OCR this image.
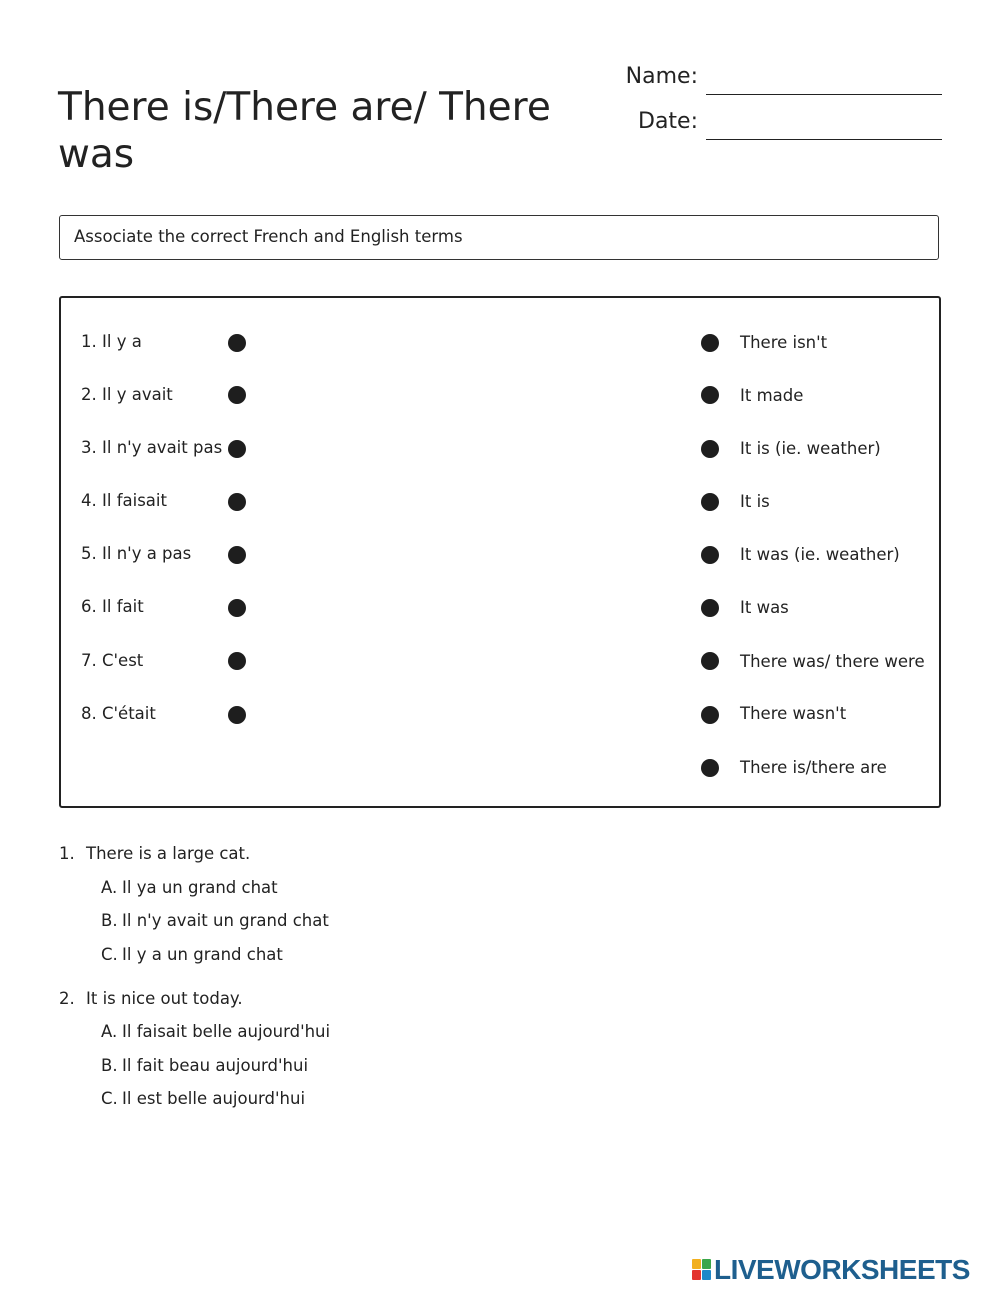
There is/There are/ There was
Name:
Date:
Associate the correct French and English terms
1. Il y a
2. Il y avait
3. Il n'y avait pas
4. Il faisait
5. Il n'y a pas
6. Il fait
7. C'est
8. C'était
There isn't
It made
It is (ie. weather)
It is
It was (ie. weather)
It was
There was/ there were
There wasn't
There is/there are
1. There is a large cat.
A. Il ya un grand chat
B. Il n'y avait un grand chat
C. Il y a un grand chat
2. It is nice out today.
A. Il faisait belle aujourd'hui
B. Il fait beau aujourd'hui
C. Il est belle aujourd'hui
LIVEWORKSHEETS
